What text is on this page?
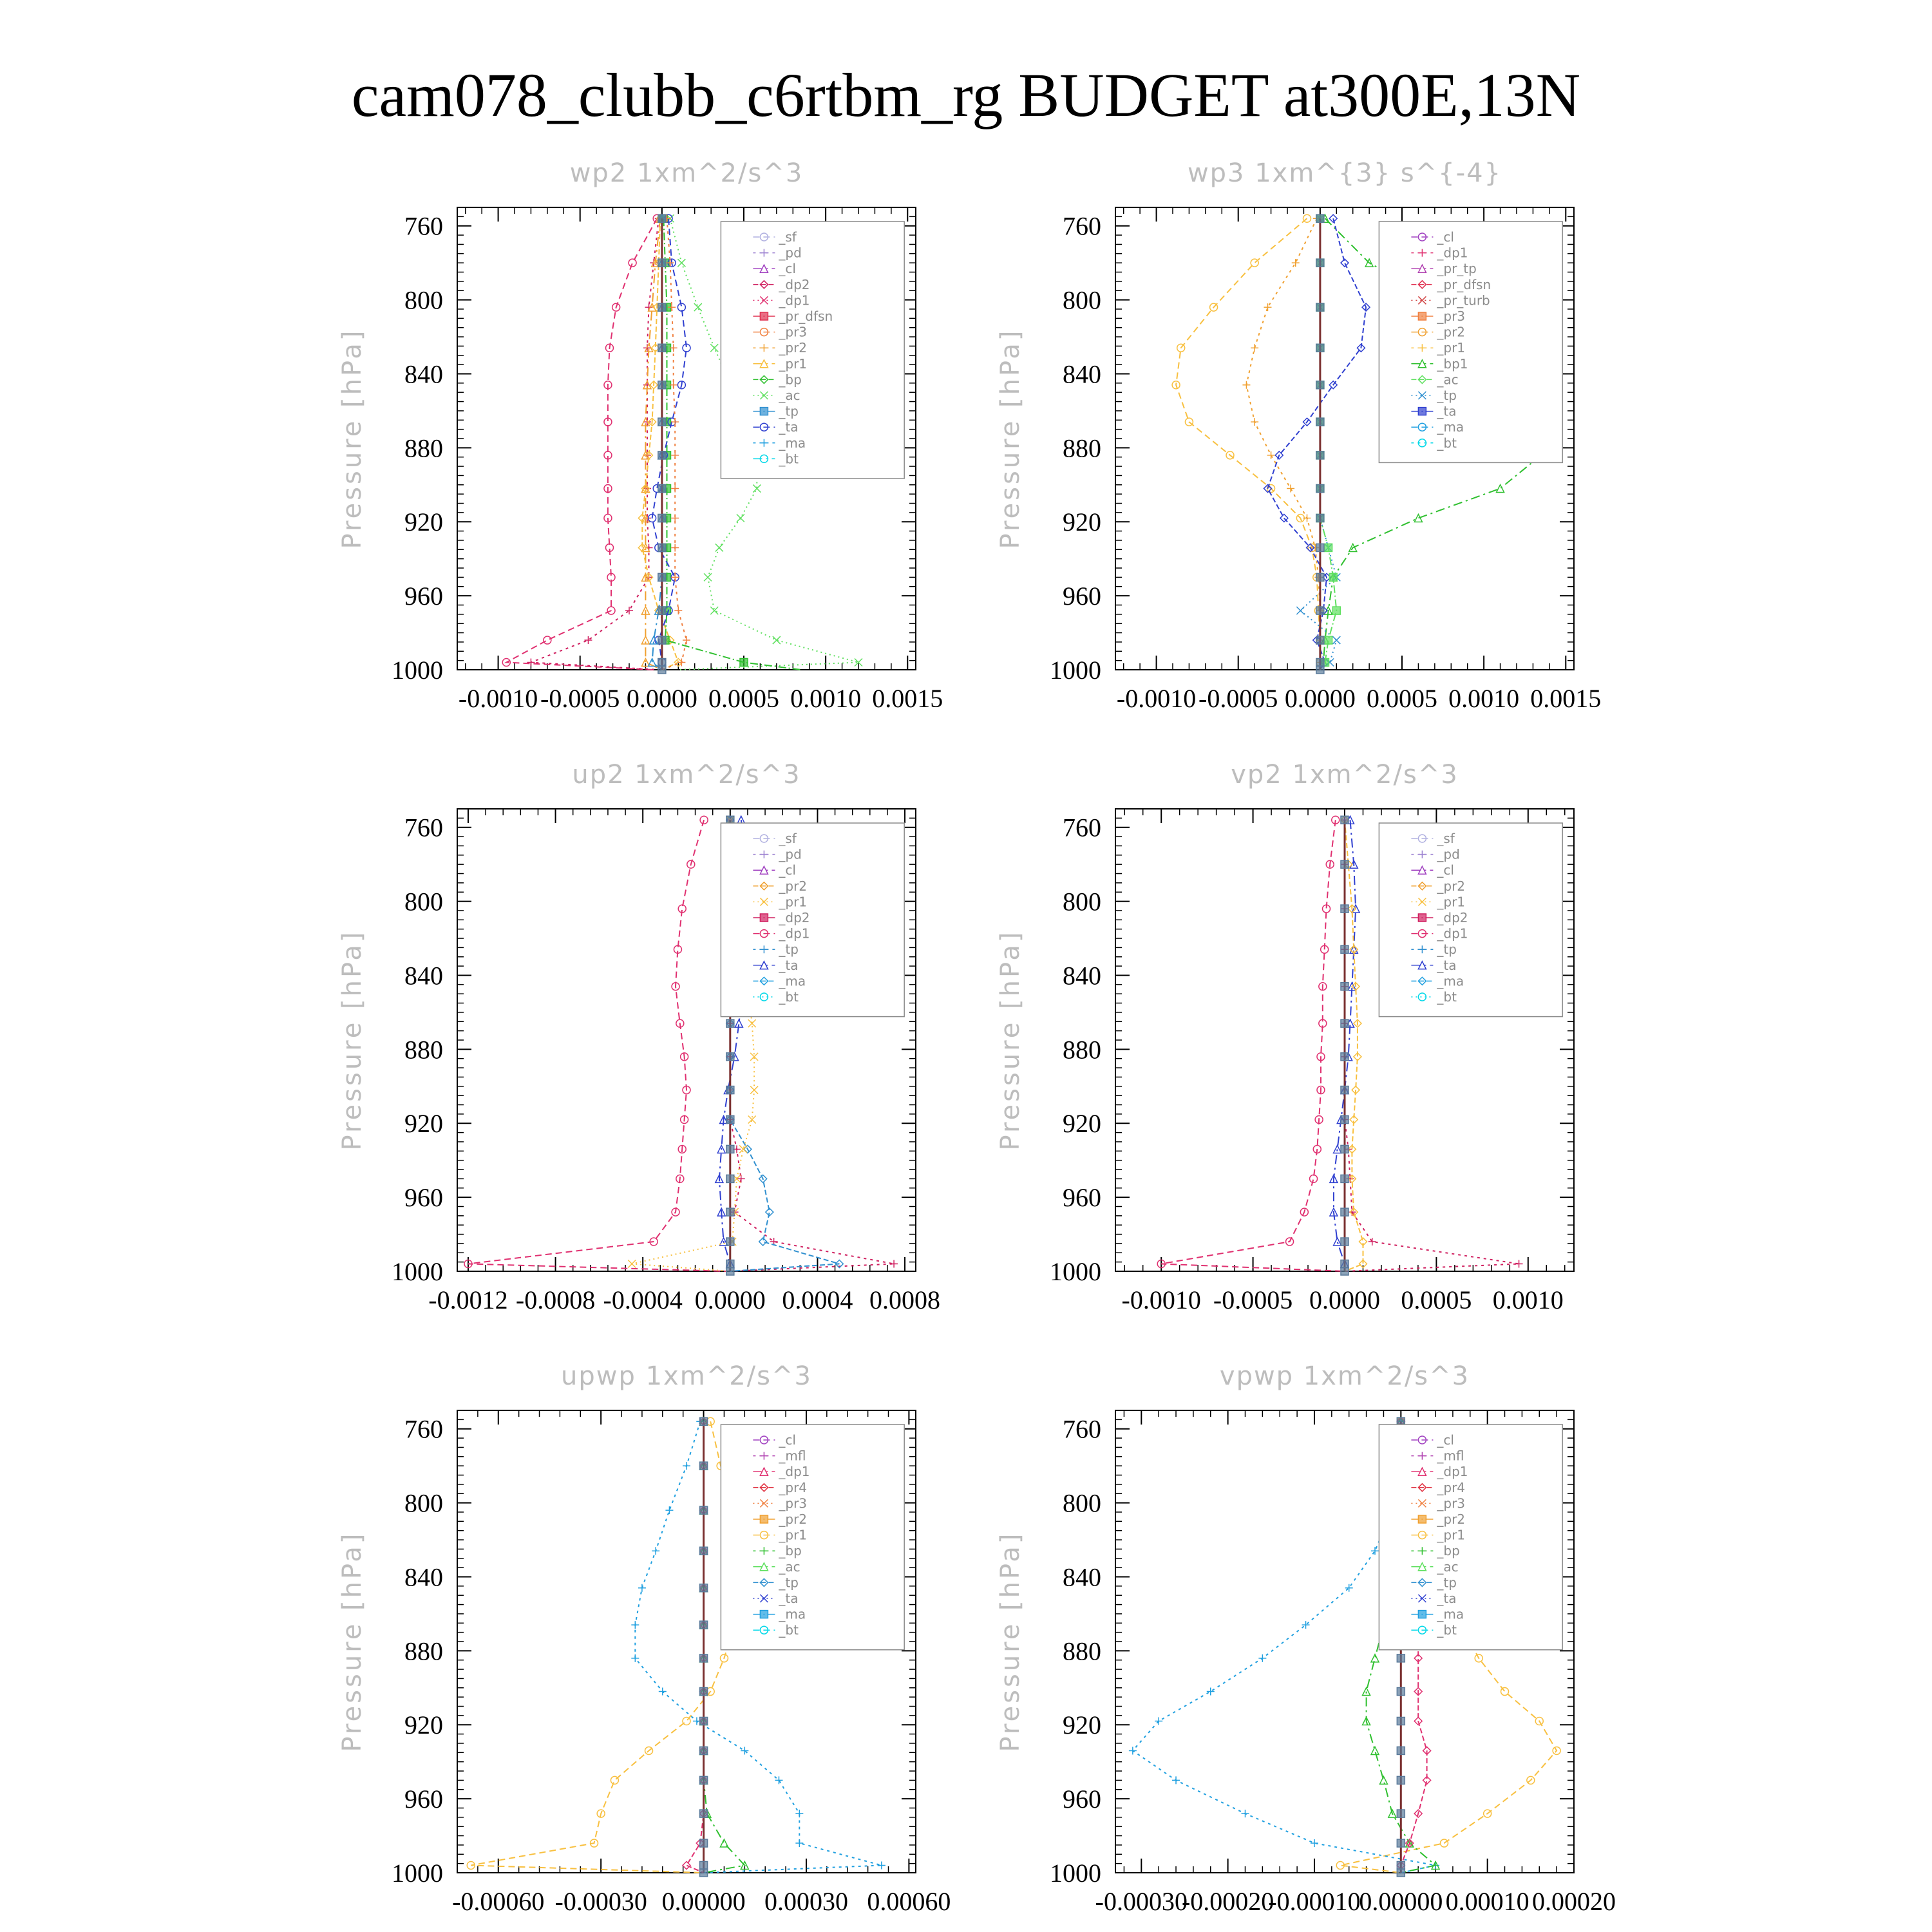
cam078_clubb_c6rtbm_rg BUDGET at300E,13N
wp2 1xm^2/s^3
Pressure [hPa]
-0.0010 -0.0005 0.0000 0.0005 0.0010 0.0015
760
800
840
880
920
960
1000
_sf
_pd
_cl
_dp2
_dp1
_pr_dfsn
_pr3
_pr2
_pr1
_bp
_ac
_tp
_ta
_ma
_bt
wp3 1xm^{3} s^{-4}
Pressure [hPa]
-0.0010 -0.0005 0.0000 0.0005 0.0010 0.0015
760
800
840
880
920
960
1000
_cl
_dp1
_pr_tp
_pr_dfsn
_pr_turb
_pr3
_pr2
_pr1
_bp1
_ac
_tp
_ta
_ma
_bt
up2 1xm^2/s^3
Pressure [hPa]
-0.0012 -0.0008 -0.0004 0.0000 0.0004 0.0008
760
800
840
880
920
960
1000
_sf
_pd
_cl
_pr2
_pr1
_dp2
_dp1
_tp
_ta
_ma
_bt
vp2 1xm^2/s^3
Pressure [hPa]
-0.0010 -0.0005 0.0000 0.0005 0.0010
760
800
840
880
920
960
1000
_sf
_pd
_cl
_pr2
_pr1
_dp2
_dp1
_tp
_ta
_ma
_bt
upwp 1xm^2/s^3
Pressure [hPa]
-0.00060 -0.00030 0.00000 0.00030 0.00060
760
800
840
880
920
960
1000
_cl
_mfl
_dp1
_pr4
_pr3
_pr2
_pr1
_bp
_ac
_tp
_ta
_ma
_bt
vpwp 1xm^2/s^3
Pressure [hPa]
-0.00030
-0.00020
-0.00010
0.00000 0.00010 0.00020
760
800
840
880
920
960
1000
_cl
_mfl
_dp1
_pr4
_pr3
_pr2
_pr1
_bp
_ac
_tp
_ta
_ma
_bt
